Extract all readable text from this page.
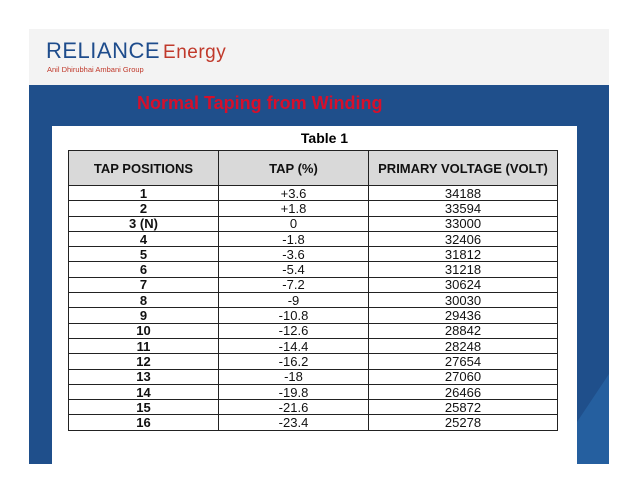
RELIANCE Energy
Anil Dhirubhai Ambani Group
Normal Taping from Winding
Table 1
TAP POSITIONS	TAP (%)	PRIMARY VOLTAGE (VOLT)
1	+3.6	34188
2	+1.8	33594
3 (N)	0	33000
4	-1.8	32406
5	-3.6	31812
6	-5.4	31218
7	-7.2	30624
8	-9	30030
9	-10.8	29436
10	-12.6	28842
11	-14.4	28248
12	-16.2	27654
13	-18	27060
14	-19.8	26466
15	-21.6	25872
16	-23.4	25278
